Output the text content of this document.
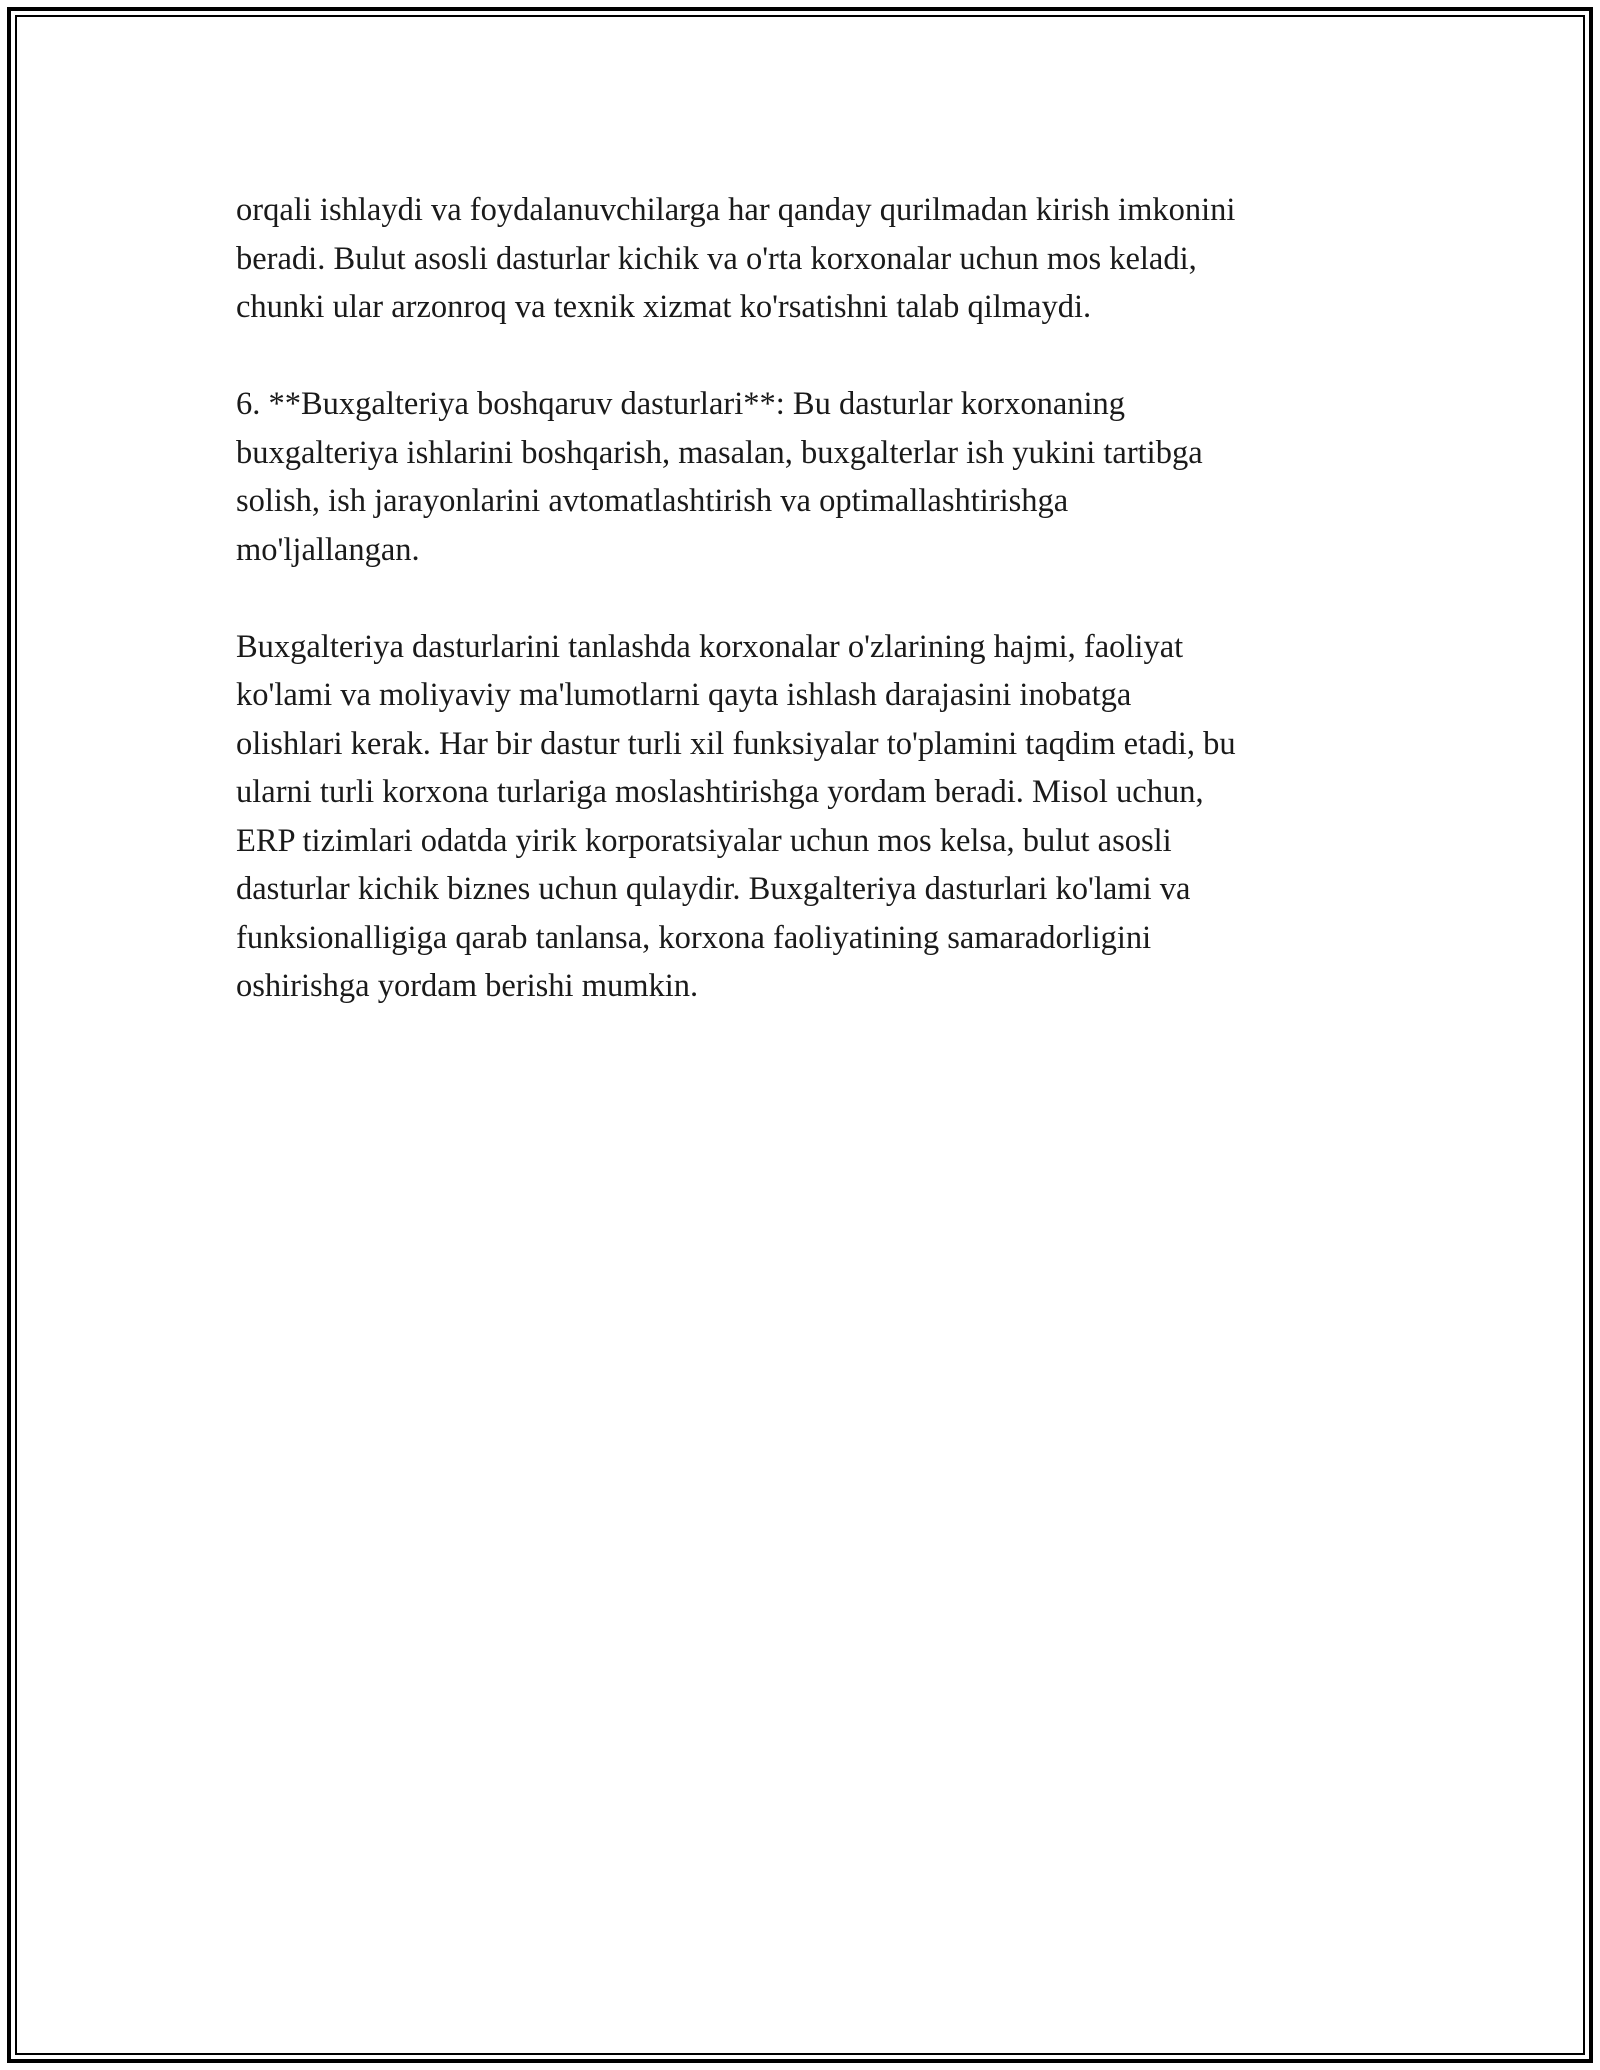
orqali ishlaydi va foydalanuvchilarga har qanday qurilmadan kirish imkonini
beradi. Bulut asosli dasturlar kichik va o'rta korxonalar uchun mos keladi,
chunki ular arzonroq va texnik xizmat ko'rsatishni talab qilmaydi.

6. **Buxgalteriya boshqaruv dasturlari**: Bu dasturlar korxonaning
buxgalteriya ishlarini boshqarish, masalan, buxgalterlar ish yukini tartibga
solish, ish jarayonlarini avtomatlashtirish va optimallashtirishga
mo'ljallangan.

Buxgalteriya dasturlarini tanlashda korxonalar o'zlarining hajmi, faoliyat
ko'lami va moliyaviy ma'lumotlarni qayta ishlash darajasini inobatga
olishlari kerak. Har bir dastur turli xil funksiyalar to'plamini taqdim etadi, bu
ularni turli korxona turlariga moslashtirishga yordam beradi. Misol uchun,
ERP tizimlari odatda yirik korporatsiyalar uchun mos kelsa, bulut asosli
dasturlar kichik biznes uchun qulaydir. Buxgalteriya dasturlari ko'lami va
funksionalligiga qarab tanlansa, korxona faoliyatining samaradorligini
oshirishga yordam berishi mumkin.
